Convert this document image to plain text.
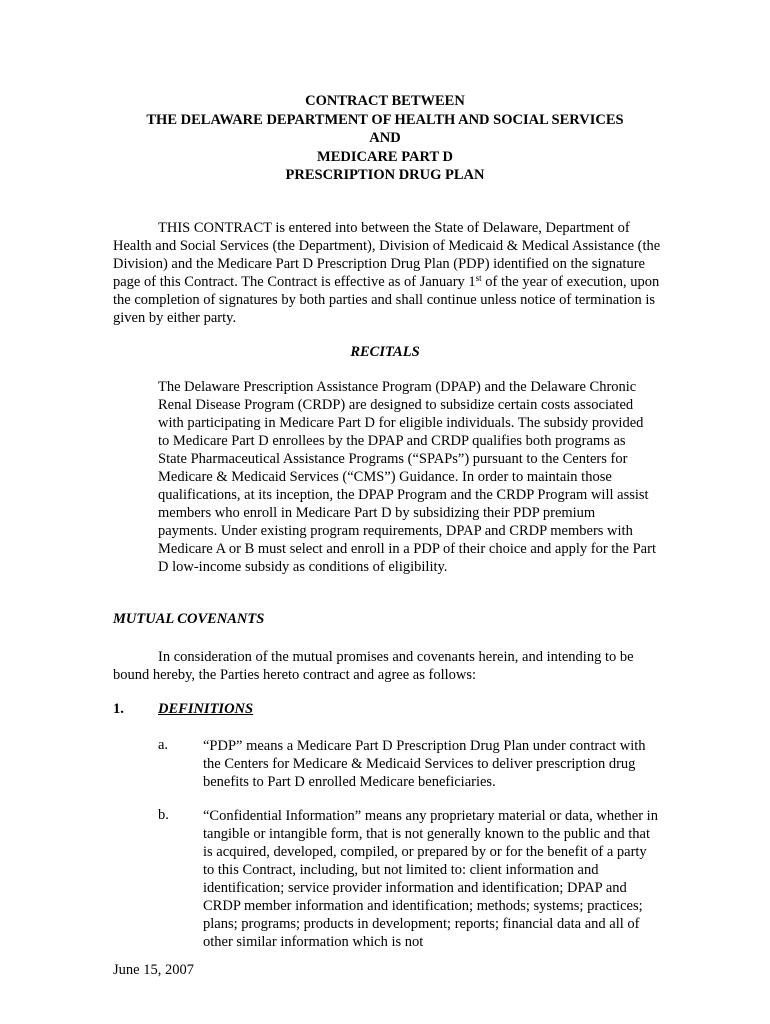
CONTRACT BETWEEN
THE DELAWARE DEPARTMENT OF HEALTH AND SOCIAL SERVICES
AND
MEDICARE PART D
PRESCRIPTION DRUG PLAN

THIS CONTRACT is entered into between the State of Delaware, Department of Health and Social Services (the Department), Division of Medicaid & Medical Assistance (the Division) and the Medicare Part D Prescription Drug Plan (PDP) identified on the signature page of this Contract. The Contract is effective as of January 1st of the year of execution, upon the completion of signatures by both parties and shall continue unless notice of termination is given by either party.

RECITALS

The Delaware Prescription Assistance Program (DPAP) and the Delaware Chronic Renal Disease Program (CRDP) are designed to subsidize certain costs associated with participating in Medicare Part D for eligible individuals. The subsidy provided to Medicare Part D enrollees by the DPAP and CRDP qualifies both programs as State Pharmaceutical Assistance Programs (“SPAPs”) pursuant to the Centers for Medicare & Medicaid Services (“CMS”) Guidance. In order to maintain those qualifications, at its inception, the DPAP Program and the CRDP Program will assist members who enroll in Medicare Part D by subsidizing their PDP premium payments. Under existing program requirements, DPAP and CRDP members with Medicare A or B must select and enroll in a PDP of their choice and apply for the Part D low-income subsidy as conditions of eligibility.

MUTUAL COVENANTS

In consideration of the mutual promises and covenants herein, and intending to be bound hereby, the Parties hereto contract and agree as follows:

1. DEFINITIONS
a. “PDP” means a Medicare Part D Prescription Drug Plan under contract with the Centers for Medicare & Medicaid Services to deliver prescription drug benefits to Part D enrolled Medicare beneficiaries.

b. “Confidential Information” means any proprietary material or data, whether in tangible or intangible form, that is not generally known to the public and that is acquired, developed, compiled, or prepared by or for the benefit of a party to this Contract, including, but not limited to: client information and identification; service provider information and identification; DPAP and CRDP member information and identification; methods; systems; practices; plans; programs; products in development; reports; financial data and all of other similar information which is not

June 15, 2007
